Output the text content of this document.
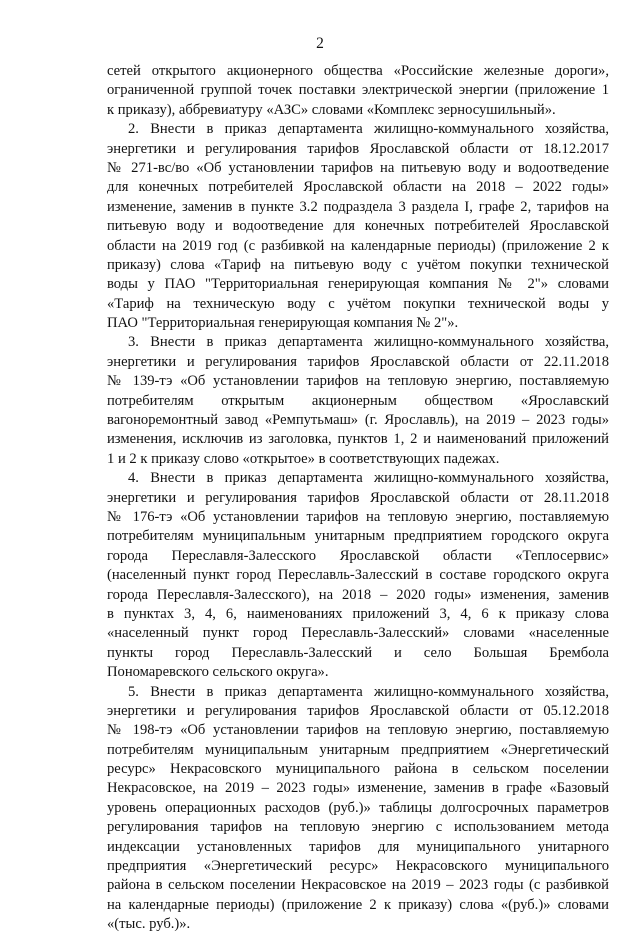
2
сетей открытого акционерного общества «Российские железные дороги»,
ограниченной группой точек поставки электрической энергии (приложение 1
к приказу), аббревиатуру «АЗС» словами «Комплекс зерносушильный».
2. Внести в приказ департамента жилищно-коммунального хозяйства,
энергетики и регулирования тарифов Ярославской области от 18.12.2017
№ 271-вс/во «Об установлении тарифов на питьевую воду и водоотведение
для конечных потребителей Ярославской области на 2018 – 2022 годы»
изменение, заменив в пункте 3.2 подраздела 3 раздела I, графе 2, тарифов на
питьевую воду и водоотведение для конечных потребителей Ярославской
области на 2019 год (с разбивкой на календарные периоды) (приложение 2 к
приказу) слова «Тариф на питьевую воду с учётом покупки технической
воды у ПАО "Территориальная генерирующая компания № 2"» словами
«Тариф на техническую воду с учётом покупки технической воды у
ПАО "Территориальная генерирующая компания № 2"».
3. Внести в приказ департамента жилищно-коммунального хозяйства,
энергетики и регулирования тарифов Ярославской области от 22.11.2018
№ 139-тэ «Об установлении тарифов на тепловую энергию, поставляемую
потребителям открытым акционерным обществом «Ярославский
вагоноремонтный завод «Ремпутьмаш» (г. Ярославль), на 2019 – 2023 годы»
изменения, исключив из заголовка, пунктов 1, 2 и наименований приложений
1 и 2 к приказу слово «открытое» в соответствующих падежах.
4. Внести в приказ департамента жилищно-коммунального хозяйства,
энергетики и регулирования тарифов Ярославской области от 28.11.2018
№ 176-тэ «Об установлении тарифов на тепловую энергию, поставляемую
потребителям муниципальным унитарным предприятием городского округа
города Переславля-Залесского Ярославской области «Теплосервис»
(населенный пункт город Переславль-Залесский в составе городского округа
города Переславля-Залесского), на 2018 – 2020 годы» изменения, заменив
в пунктах 3, 4, 6, наименованиях приложений 3, 4, 6 к приказу слова
«населенный пункт город Переславль-Залесский» словами «населенные
пункты город Переславль-Залесский и село Большая Брембола
Пономаревского сельского округа».
5. Внести в приказ департамента жилищно-коммунального хозяйства,
энергетики и регулирования тарифов Ярославской области от 05.12.2018
№ 198-тэ «Об установлении тарифов на тепловую энергию, поставляемую
потребителям муниципальным унитарным предприятием «Энергетический
ресурс» Некрасовского муниципального района в сельском поселении
Некрасовское, на 2019 – 2023 годы» изменение, заменив в графе «Базовый
уровень операционных расходов (руб.)» таблицы долгосрочных параметров
регулирования тарифов на тепловую энергию с использованием метода
индексации установленных тарифов для муниципального унитарного
предприятия «Энергетический ресурс» Некрасовского муниципального
района в сельском поселении Некрасовское на 2019 – 2023 годы (с разбивкой
на календарные периоды) (приложение 2 к приказу) слова «(руб.)» словами
«(тыс. руб.)».
